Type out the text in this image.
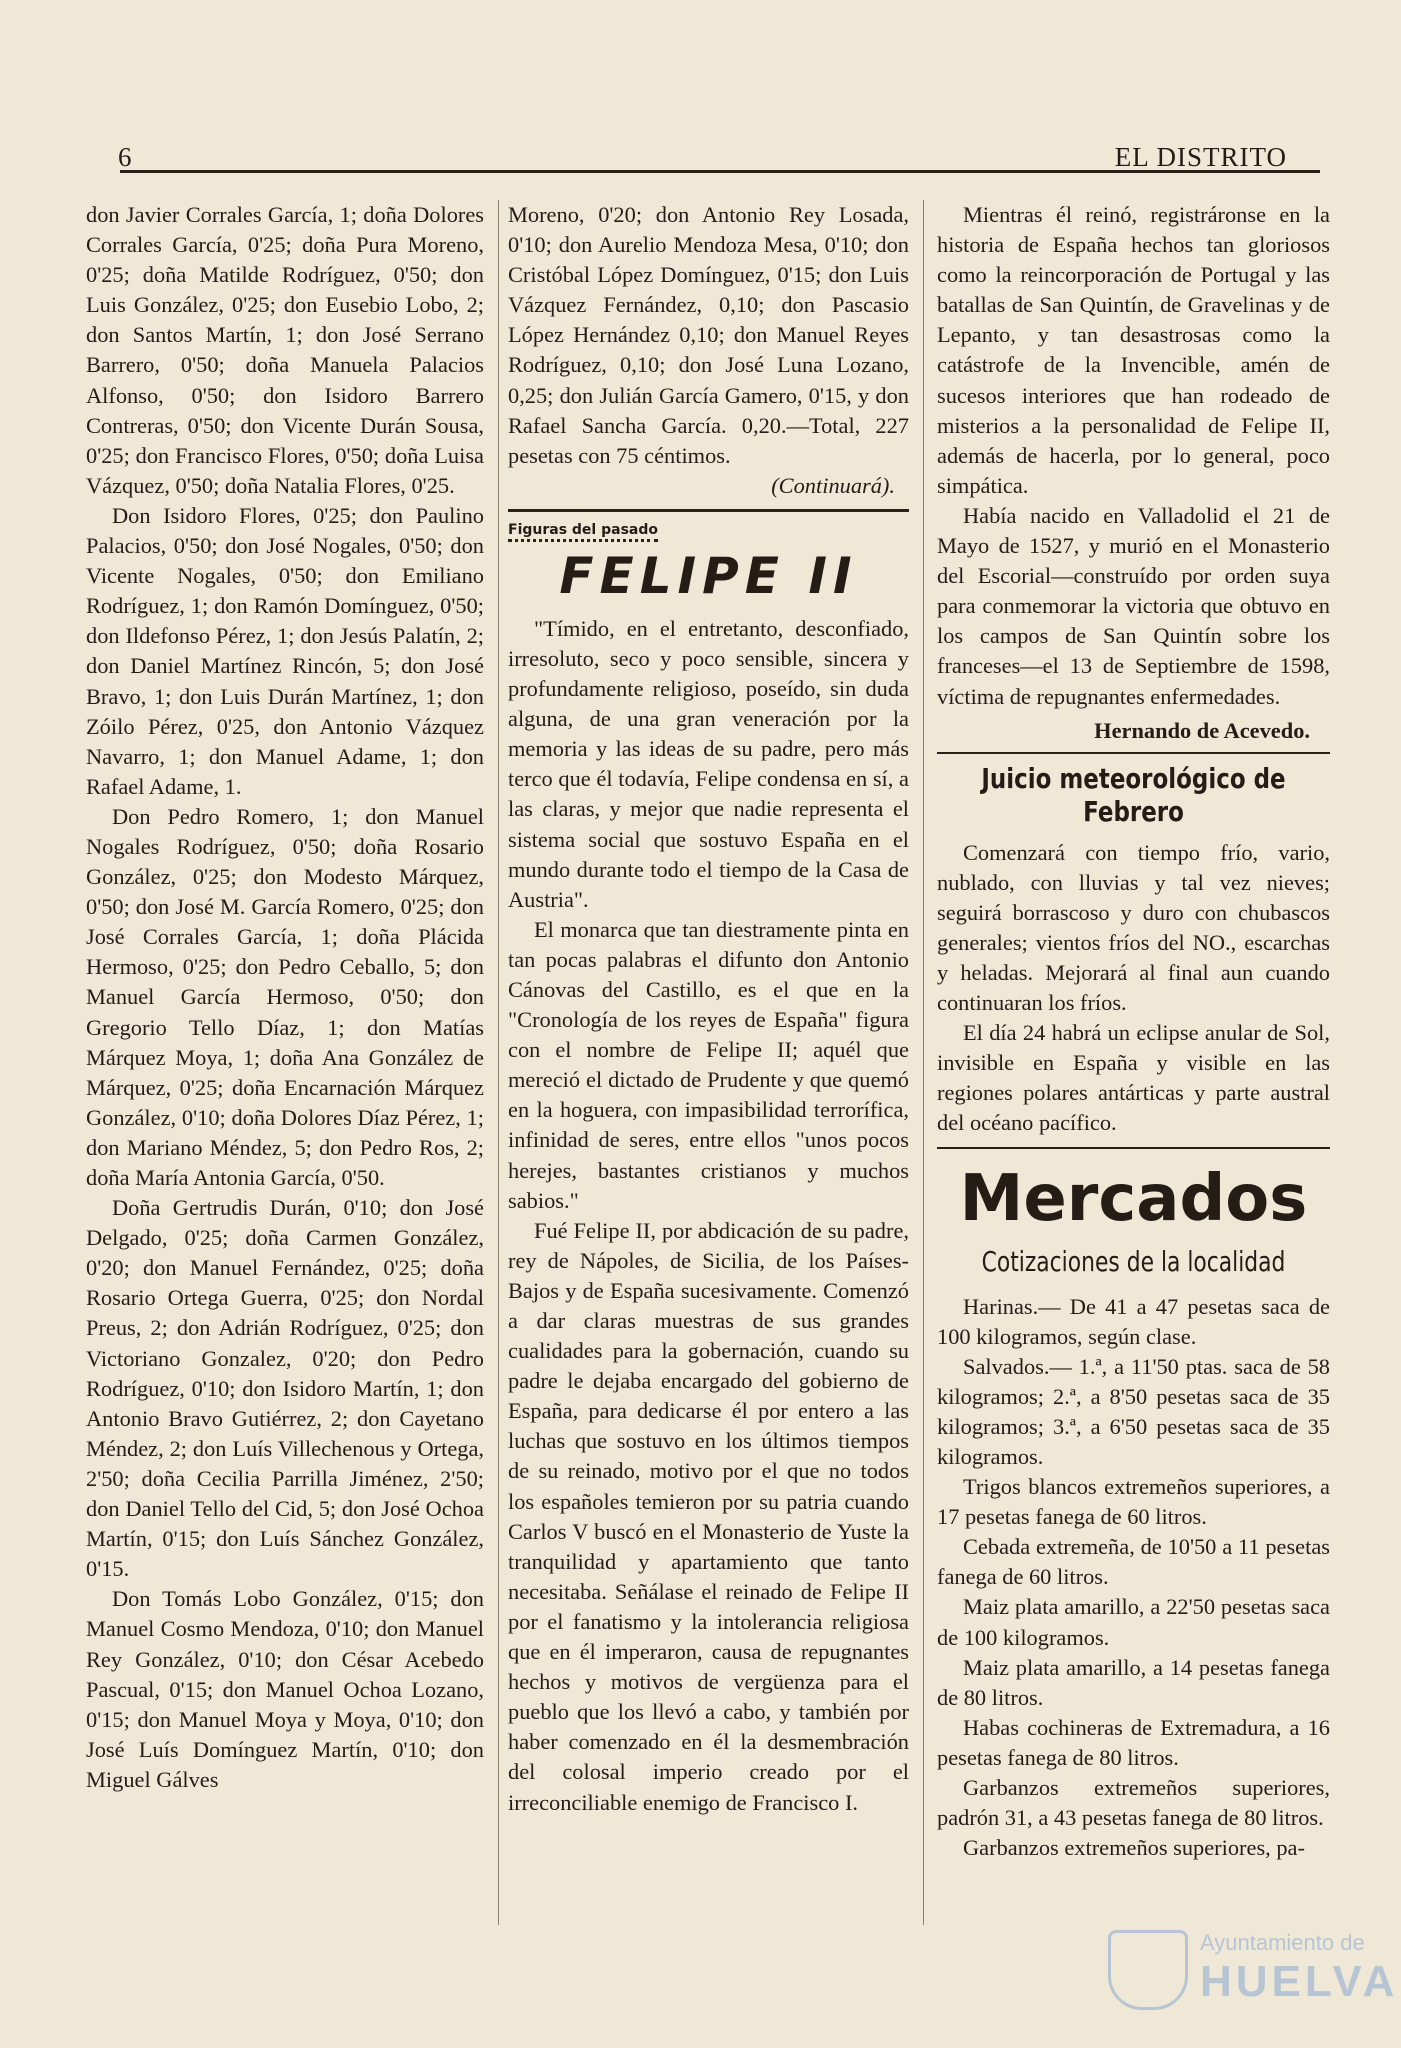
6	EL DISTRITO

don Javier Corrales García, 1; doña Dolores Corrales García, 0'25; doña Pura Moreno, 0'25; doña Matilde Rodríguez, 0'50; don Luis González, 0'25; don Eusebio Lobo, 2; don Santos Martín, 1; don José Serrano Barrero, 0'50; doña Manuela Palacios Alfonso, 0'50; don Isidoro Barrero Contreras, 0'50; don Vicente Durán Sousa, 0'25; don Francisco Flores, 0'50; doña Luisa Vázquez, 0'50; doña Natalia Flores, 0'25.

Don Isidoro Flores, 0'25; don Paulino Palacios, 0'50; don José Nogales, 0'50; don Vicente Nogales, 0'50; don Emiliano Rodríguez, 1; don Ramón Domínguez, 0'50; don Ildefonso Pérez, 1; don Jesús Palatín, 2; don Daniel Martínez Rincón, 5; don José Bravo, 1; don Luis Durán Martínez, 1; don Zóilo Pérez, 0'25, don Antonio Vázquez Navarro, 1; don Manuel Adame, 1; don Rafael Adame, 1.

Don Pedro Romero, 1; don Manuel Nogales Rodríguez, 0'50; doña Rosario González, 0'25; don Modesto Márquez, 0'50; don José M. García Romero, 0'25; don José Corrales García, 1; doña Plácida Hermoso, 0'25; don Pedro Ceballo, 5; don Manuel García Hermoso, 0'50; don Gregorio Tello Díaz, 1; don Matías Márquez Moya, 1; doña Ana González de Márquez, 0'25; doña Encarnación Márquez González, 0'10; doña Dolores Díaz Pérez, 1; don Mariano Méndez, 5; don Pedro Ros, 2; doña María Antonia García, 0'50.

Doña Gertrudis Durán, 0'10; don José Delgado, 0'25; doña Carmen González, 0'20; don Manuel Fernández, 0'25; doña Rosario Ortega Guerra, 0'25; don Nordal Preus, 2; don Adrián Rodríguez, 0'25; don Victoriano Gonzalez, 0'20; don Pedro Rodríguez, 0'10; don Isidoro Martín, 1; don Antonio Bravo Gutiérrez, 2; don Cayetano Méndez, 2; don Luís Villechenous y Ortega, 2'50; doña Cecilia Parrilla Jiménez, 2'50; don Daniel Tello del Cid, 5; don José Ochoa Martín, 0'15; don Luís Sánchez González, 0'15.

Don Tomás Lobo González, 0'15; don Manuel Cosmo Mendoza, 0'10; don Manuel Rey González, 0'10; don César Acebedo Pascual, 0'15; don Manuel Ochoa Lozano, 0'15; don Manuel Moya y Moya, 0'10; don José Luís Domínguez Martín, 0'10; don Miguel Gálves

Moreno, 0'20; don Antonio Rey Losada, 0'10; don Aurelio Mendoza Mesa, 0'10; don Cristóbal López Domínguez, 0'15; don Luis Vázquez Fernández, 0,10; don Pascasio López Hernández 0,10; don Manuel Reyes Rodríguez, 0,10; don José Luna Lozano, 0,25; don Julián García Gamero, 0'15, y don Rafael Sancha García. 0,20.—Total, 227 pesetas con 75 céntimos.

(Continuará).
Figuras del pasado
FELIPE II

"Tímido, en el entretanto, desconfiado, irresoluto, seco y poco sensible, sincera y profundamente religioso, poseído, sin duda alguna, de una gran veneración por la memoria y las ideas de su padre, pero más terco que él todavía, Felipe condensa en sí, a las claras, y mejor que nadie representa el sistema social que sostuvo España en el mundo durante todo el tiempo de la Casa de Austria".

El monarca que tan diestramente pinta en tan pocas palabras el difunto don Antonio Cánovas del Castillo, es el que en la "Cronología de los reyes de España" figura con el nombre de Felipe II; aquél que mereció el dictado de Prudente y que quemó en la hoguera, con impasibilidad terrorífica, infinidad de seres, entre ellos "unos pocos herejes, bastantes cristianos y muchos sabios."

Fué Felipe II, por abdicación de su padre, rey de Nápoles, de Sicilia, de los Países-Bajos y de España sucesivamente. Comenzó a dar claras muestras de sus grandes cualidades para la gobernación, cuando su padre le dejaba encargado del gobierno de España, para dedicarse él por entero a las luchas que sostuvo en los últimos tiempos de su reinado, motivo por el que no todos los españoles temieron por su patria cuando Carlos V buscó en el Monasterio de Yuste la tranquilidad y apartamiento que tanto necesitaba. Señálase el reinado de Felipe II por el fanatismo y la intolerancia religiosa que en él imperaron, causa de repugnantes hechos y motivos de vergüenza para el pueblo que los llevó a cabo, y también por haber comenzado en él la desmembración del colosal imperio creado por el irreconciliable enemigo de Francisco I.

Mientras él reinó, registráronse en la historia de España hechos tan gloriosos como la reincorporación de Portugal y las batallas de San Quintín, de Gravelinas y de Lepanto, y tan desastrosas como la catástrofe de la Invencible, amén de sucesos interiores que han rodeado de misterios a la personalidad de Felipe II, además de hacerla, por lo general, poco simpática.

Había nacido en Valladolid el 21 de Mayo de 1527, y murió en el Monasterio del Escorial—construído por orden suya para conmemorar la victoria que obtuvo en los campos de San Quintín sobre los franceses—el 13 de Septiembre de 1598, víctima de repugnantes enfermedades.

Hernando de Acevedo.
Juicio meteorológico de Febrero

Comenzará con tiempo frío, vario, nublado, con lluvias y tal vez nieves; seguirá borrascoso y duro con chubascos generales; vientos fríos del NO., escarchas y heladas. Mejorará al final aun cuando continuaran los fríos.

El día 24 habrá un eclipse anular de Sol, invisible en España y visible en las regiones polares antárticas y parte austral del océano pacífico.

Mercados
Cotizaciones de la localidad

Harinas.— De 41 a 47 pesetas saca de 100 kilogramos, según clase.

Salvados.— 1.ª, a 11'50 ptas. saca de 58 kilogramos; 2.ª, a 8'50 pesetas saca de 35 kilogramos; 3.ª, a 6'50 pesetas saca de 35 kilogramos.

Trigos blancos extremeños superiores, a 17 pesetas fanega de 60 litros.

Cebada extremeña, de 10'50 a 11 pesetas fanega de 60 litros.

Maiz plata amarillo, a 22'50 pesetas saca de 100 kilogramos.

Maiz plata amarillo, a 14 pesetas fanega de 80 litros.

Habas cochineras de Extremadura, a 16 pesetas fanega de 80 litros.

Garbanzos extremeños superiores, padrón 31, a 43 pesetas fanega de 80 litros.

Garbanzos extremeños superiores, pa-

Ayuntamiento de
HUELVA
